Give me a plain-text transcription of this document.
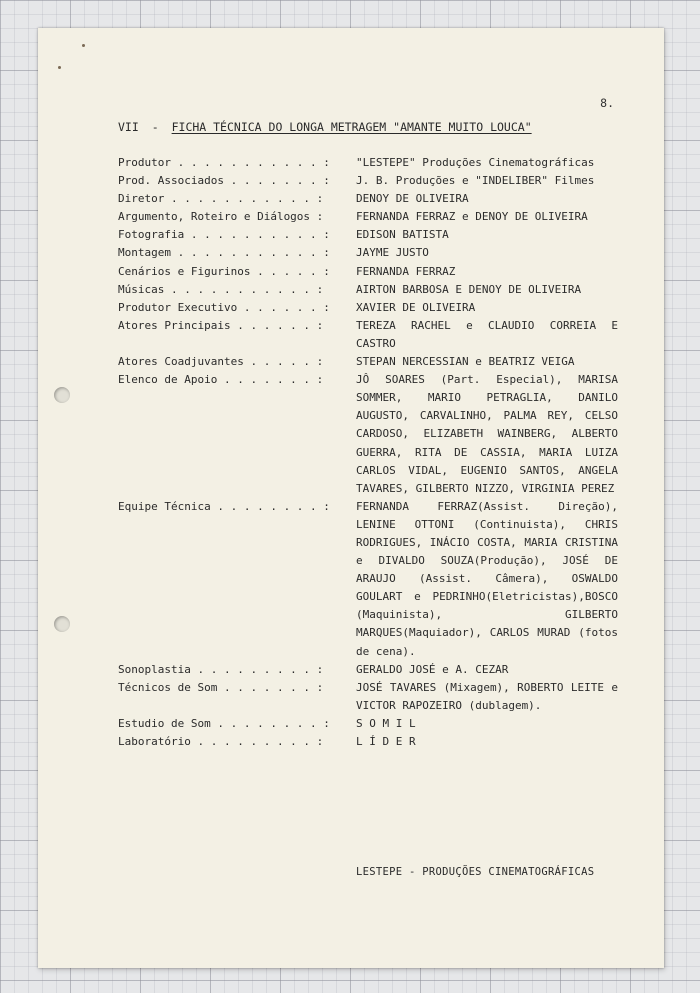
8.
VII - FICHA TÉCNICA DO LONGA METRAGEM "AMANTE MUITO LOUCA"
Produtor . . . . . . . . . . . :	"LESTEPE" Produções Cinematográficas
Prod. Associados . . . . . . . :	J. B. Produções e "INDELIBER" Filmes
Diretor . . . . . . . . . . . :	DENOY DE OLIVEIRA
Argumento, Roteiro e Diálogos :	FERNANDA FERRAZ e DENOY DE OLIVEIRA
Fotografia . . . . . . . . . . :	EDISON BATISTA
Montagem . . . . . . . . . . . :	JAYME JUSTO
Cenários e Figurinos . . . . . :	FERNANDA FERRAZ
Músicas . . . . . . . . . . . :	AIRTON BARBOSA E DENOY DE OLIVEIRA
Produtor Executivo . . . . . . :	XAVIER DE OLIVEIRA
Atores Principais . . . . . . :	TEREZA RACHEL e CLAUDIO CORREIA E CASTRO
Atores Coadjuvantes . . . . . :	STEPAN NERCESSIAN e BEATRIZ VEIGA
Elenco de Apoio . . . . . . . :	JÔ SOARES (Part. Especial), MARISA SOMMER, MARIO PETRAGLIA, DANILO AUGUSTO, CARVALINHO, PALMA REY, CELSO CARDOSO, ELIZABETH WAINBERG, ALBERTO GUERRA, RITA DE CASSIA, MARIA LUIZA CARLOS VIDAL, EUGENIO SANTOS, ANGELA TAVARES, GILBERTO NIZZO, VIRGINIA PEREZ
Equipe Técnica . . . . . . . . :	FERNANDA FERRAZ(Assist. Direção), LENINE OTTONI (Continuista), CHRIS RODRIGUES, INÁCIO COSTA, MARIA CRISTINA e DIVALDO SOUZA(Produção), JOSÉ DE ARAUJO (Assist. Câmera), OSWALDO GOULART e PEDRINHO(Eletricistas),BOSCO (Maquinista), GILBERTO MARQUES(Maquiador), CARLOS MURAD (fotos de cena).
Sonoplastia . . . . . . . . . :	GERALDO JOSÉ e A. CEZAR
Técnicos de Som . . . . . . . :	JOSÉ TAVARES (Mixagem), ROBERTO LEITE e VICTOR RAPOZEIRO (dublagem).
Estudio de Som . . . . . . . . :	S O M I L
Laboratório . . . . . . . . . :	L Í D E R
LESTEPE - PRODUÇÕES CINEMATOGRÁFICAS
